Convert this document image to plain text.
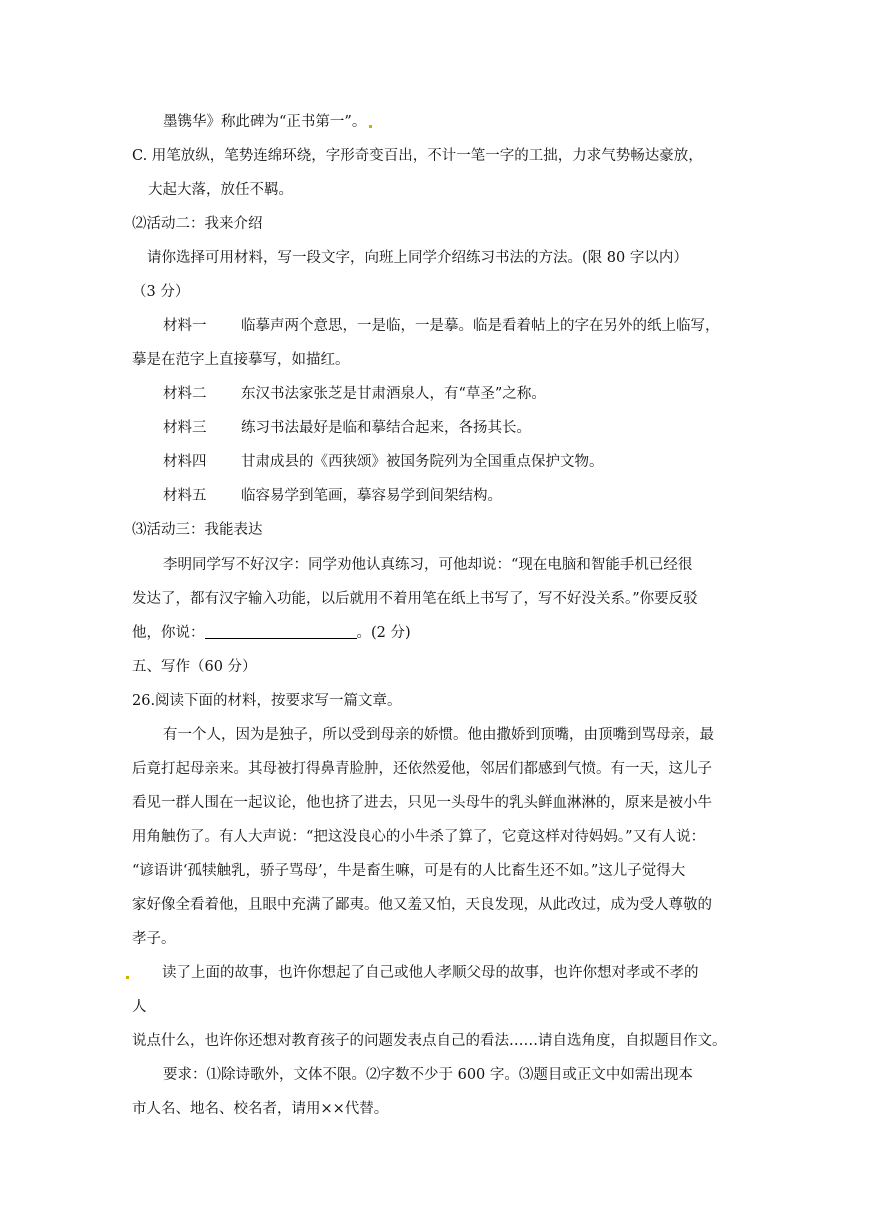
墨镌华》称此碑为“正书第一”。
C. 用笔放纵，笔势连绵环绕，字形奇变百出，不计一笔一字的工拙，力求气势畅达豪放，
大起大落，放任不羁。
⑵活动二：我来介绍
请你选择可用材料，写一段文字，向班上同学介绍练习书法的方法。(限 80 字以内）
（3 分）
材料一 临摹声两个意思，一是临，一是摹。临是看着帖上的字在另外的纸上临写，
摹是在范字上直接摹写，如描红。
材料二 东汉书法家张芝是甘肃酒泉人，有“草圣”之称。
材料三 练习书法最好是临和摹结合起来，各扬其长。
材料四 甘肃成县的《西狭颂》被国务院列为全国重点保护文物。
材料五 临容易学到笔画，摹容易学到间架结构。
⑶活动三：我能表达
李明同学写不好汉字：同学劝他认真练习，可他却说：“现在电脑和智能手机已经很
发达了，都有汉字输入功能，以后就用不着用笔在纸上书写了，写不好没关系。”你要反驳
他，你说：	。(2 分)
五、写作（60 分）
26.阅读下面的材料，按要求写一篇文章。
有一个人，因为是独子，所以受到母亲的娇惯。他由撒娇到顶嘴，由顶嘴到骂母亲，最
后竟打起母亲来。其母被打得鼻青脸肿，还依然爱他，邻居们都感到气愤。有一天，这儿子
看见一群人围在一起议论，他也挤了进去，只见一头母牛的乳头鲜血淋淋的，原来是被小牛
用角触伤了。有人大声说：“把这没良心的小牛杀了算了，它竟这样对待妈妈。”又有人说：
“谚语讲‘孤犊触乳，骄子骂母’，牛是畜生嘛，可是有的人比畜生还不如。”这儿子觉得大
家好像全看着他，且眼中充满了鄙夷。他又羞又怕，天良发现，从此改过，成为受人尊敬的
孝子。
读了上面的故事，也许你想起了自己或他人孝顺父母的故事，也许你想对孝或不孝的
人
说点什么，也许你还想对教育孩子的问题发表点自己的看法……请自选角度，自拟题目作文。
要求：⑴除诗歌外，文体不限。⑵字数不少于 600 字。⑶题目或正文中如需出现本
市人名、地名、校名者，请用××代替。
